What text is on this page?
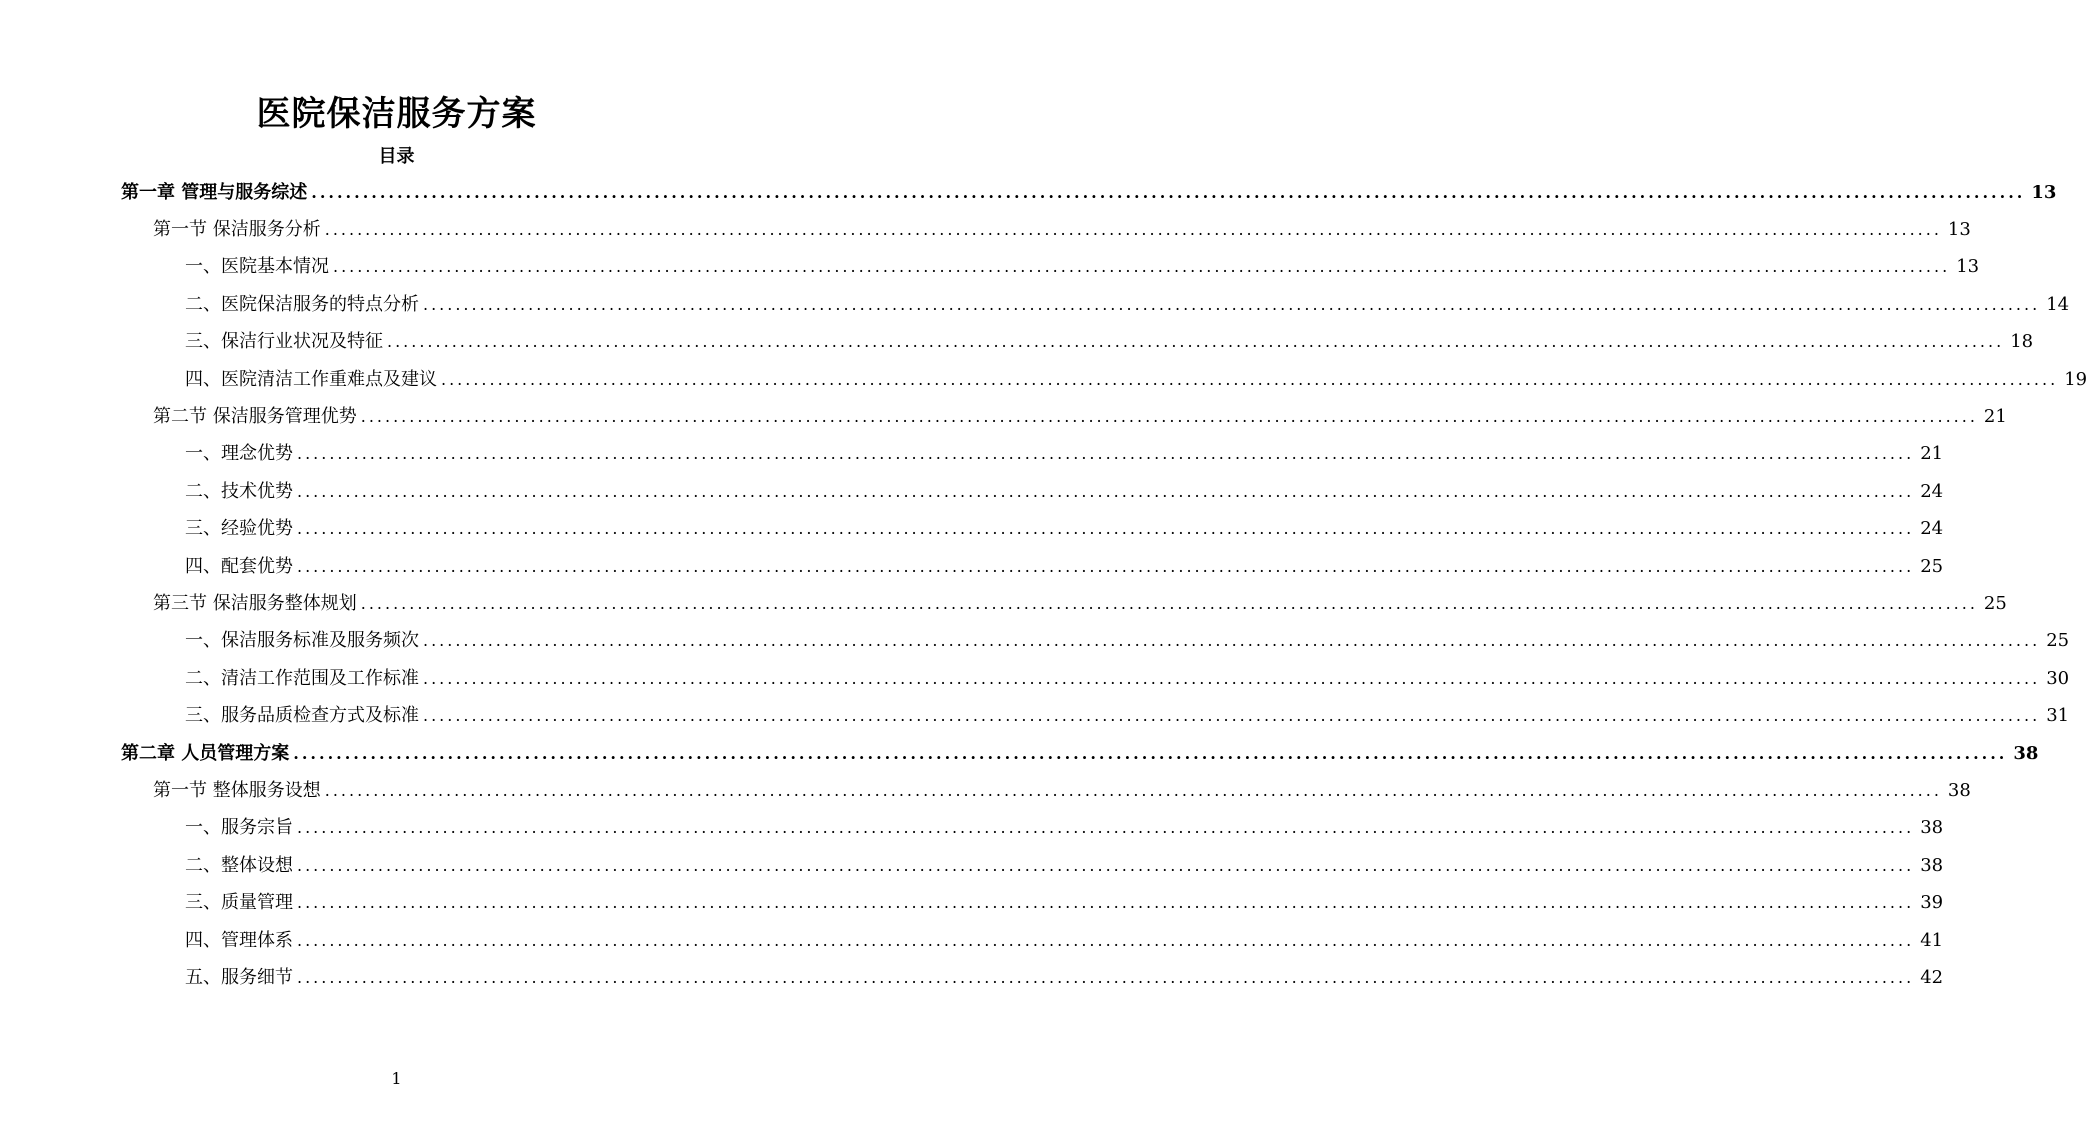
医院保洁服务方案
目录
第一章 管理与服务综述 ........................................................................................................................................................................................................ 13
第一节 保洁服务分析 ........................................................................................................................................................................................................ 13
一、医院基本情况 ........................................................................................................................................................................................................ 13
二、医院保洁服务的特点分析 ........................................................................................................................................................................................................ 14
三、保洁行业状况及特征 ........................................................................................................................................................................................................ 18
四、医院清洁工作重难点及建议 ........................................................................................................................................................................................................ 19
第二节 保洁服务管理优势 ........................................................................................................................................................................................................ 21
一、理念优势 ........................................................................................................................................................................................................ 21
二、技术优势 ........................................................................................................................................................................................................ 24
三、经验优势 ........................................................................................................................................................................................................ 24
四、配套优势 ........................................................................................................................................................................................................ 25
第三节 保洁服务整体规划 ........................................................................................................................................................................................................ 25
一、保洁服务标准及服务频次 ........................................................................................................................................................................................................ 25
二、清洁工作范围及工作标准 ........................................................................................................................................................................................................ 30
三、服务品质检查方式及标准 ........................................................................................................................................................................................................ 31
第二章 人员管理方案 ........................................................................................................................................................................................................ 38
第一节 整体服务设想 ........................................................................................................................................................................................................ 38
一、服务宗旨 ........................................................................................................................................................................................................ 38
二、整体设想 ........................................................................................................................................................................................................ 38
三、质量管理 ........................................................................................................................................................................................................ 39
四、管理体系 ........................................................................................................................................................................................................ 41
五、服务细节 ........................................................................................................................................................................................................ 42
1
